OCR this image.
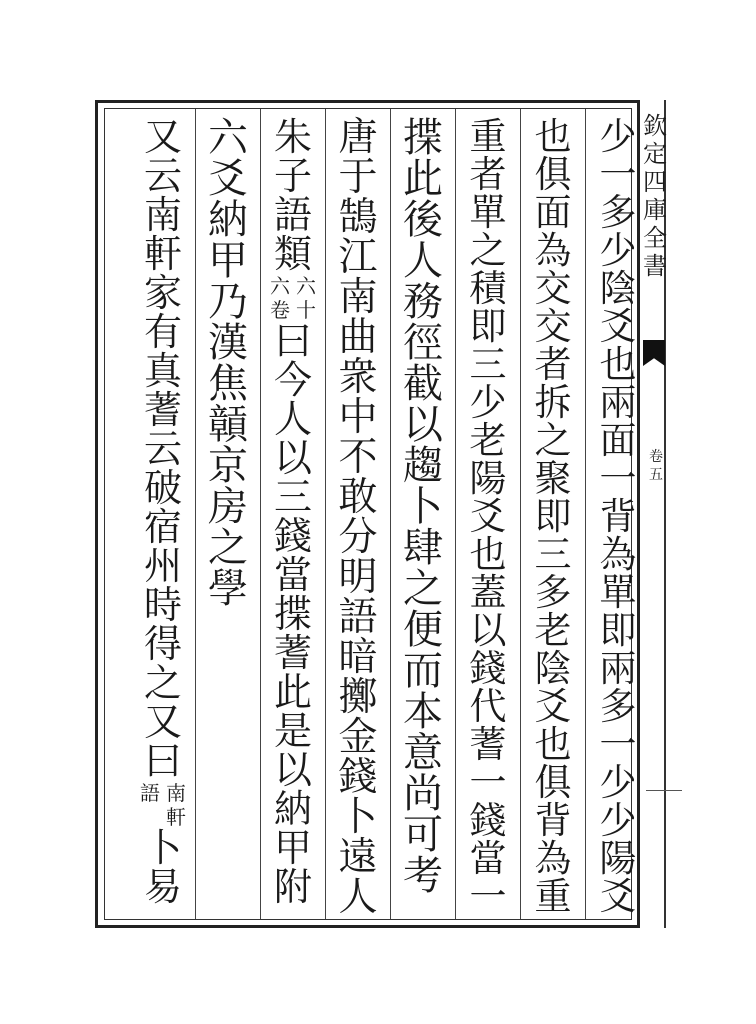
欽
定
四
庫
全
書
卷
五
少
一
多
少
陰
爻
也
兩
面
一
背
為
單
即
兩
多
一
少
少
陽
爻
也
俱
面
為
交
交
者
拆
之
聚
即
三
多
老
陰
爻
也
俱
背
為
重
重
者
單
之
積
即
三
少
老
陽
爻
也
蓋
以
錢
代
蓍
一
錢
當
一
揲
此
後
人
務
徑
截
以
趨
卜
肆
之
便
而
本
意
尚
可
考
唐
于
鵠
江
南
曲
衆
中
不
敢
分
明
語
暗
擲
金
錢
卜
遠
人
朱
子
語
類
六
卷
六
十
曰
今
人
以
三
錢
當
揲
蓍
此
是
以
納
甲
附
六
爻
納
甲
乃
漢
焦
贑
京
房
之
學
又
云
南
軒
家
有
真
蓍
云
破
宿
州
時
得
之
又
曰
語 南
軒
卜
易
